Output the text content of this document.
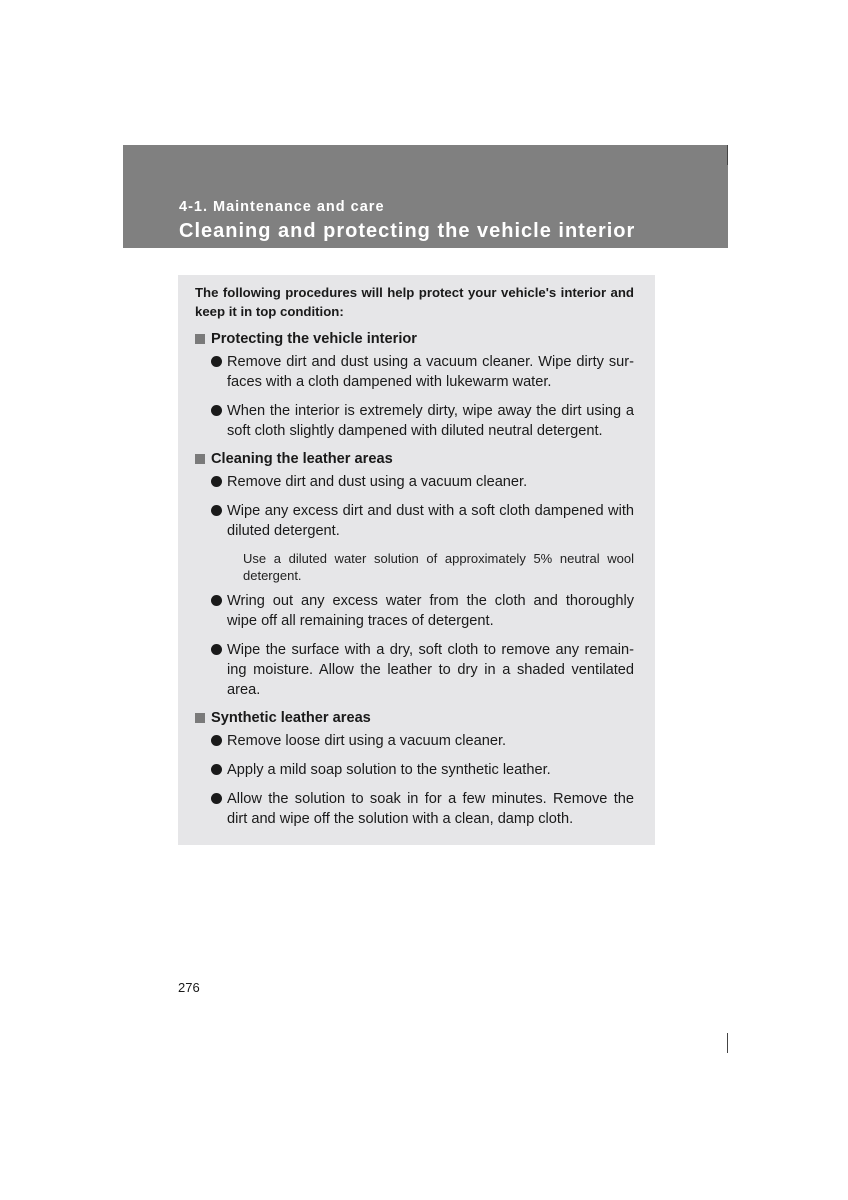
4-1. Maintenance and care
Cleaning and protecting the vehicle interior
The following procedures will help protect your vehicle's interior and
keep it in top condition:
Protecting the vehicle interior
Remove dirt and dust using a vacuum cleaner. Wipe dirty sur-
faces with a cloth dampened with lukewarm water.
When the interior is extremely dirty, wipe away the dirt using a
soft cloth slightly dampened with diluted neutral detergent.
Cleaning the leather areas
Remove dirt and dust using a vacuum cleaner.
Wipe any excess dirt and dust with a soft cloth dampened with
diluted detergent.
Use a diluted water solution of approximately 5% neutral wool
detergent.
Wring out any excess water from the cloth and thoroughly
wipe off all remaining traces of detergent.
Wipe the surface with a dry, soft cloth to remove any remain-
ing moisture. Allow the leather to dry in a shaded ventilated
area.
Synthetic leather areas
Remove loose dirt using a vacuum cleaner.
Apply a mild soap solution to the synthetic leather.
Allow the solution to soak in for a few minutes. Remove the
dirt and wipe off the solution with a clean, damp cloth.
276
